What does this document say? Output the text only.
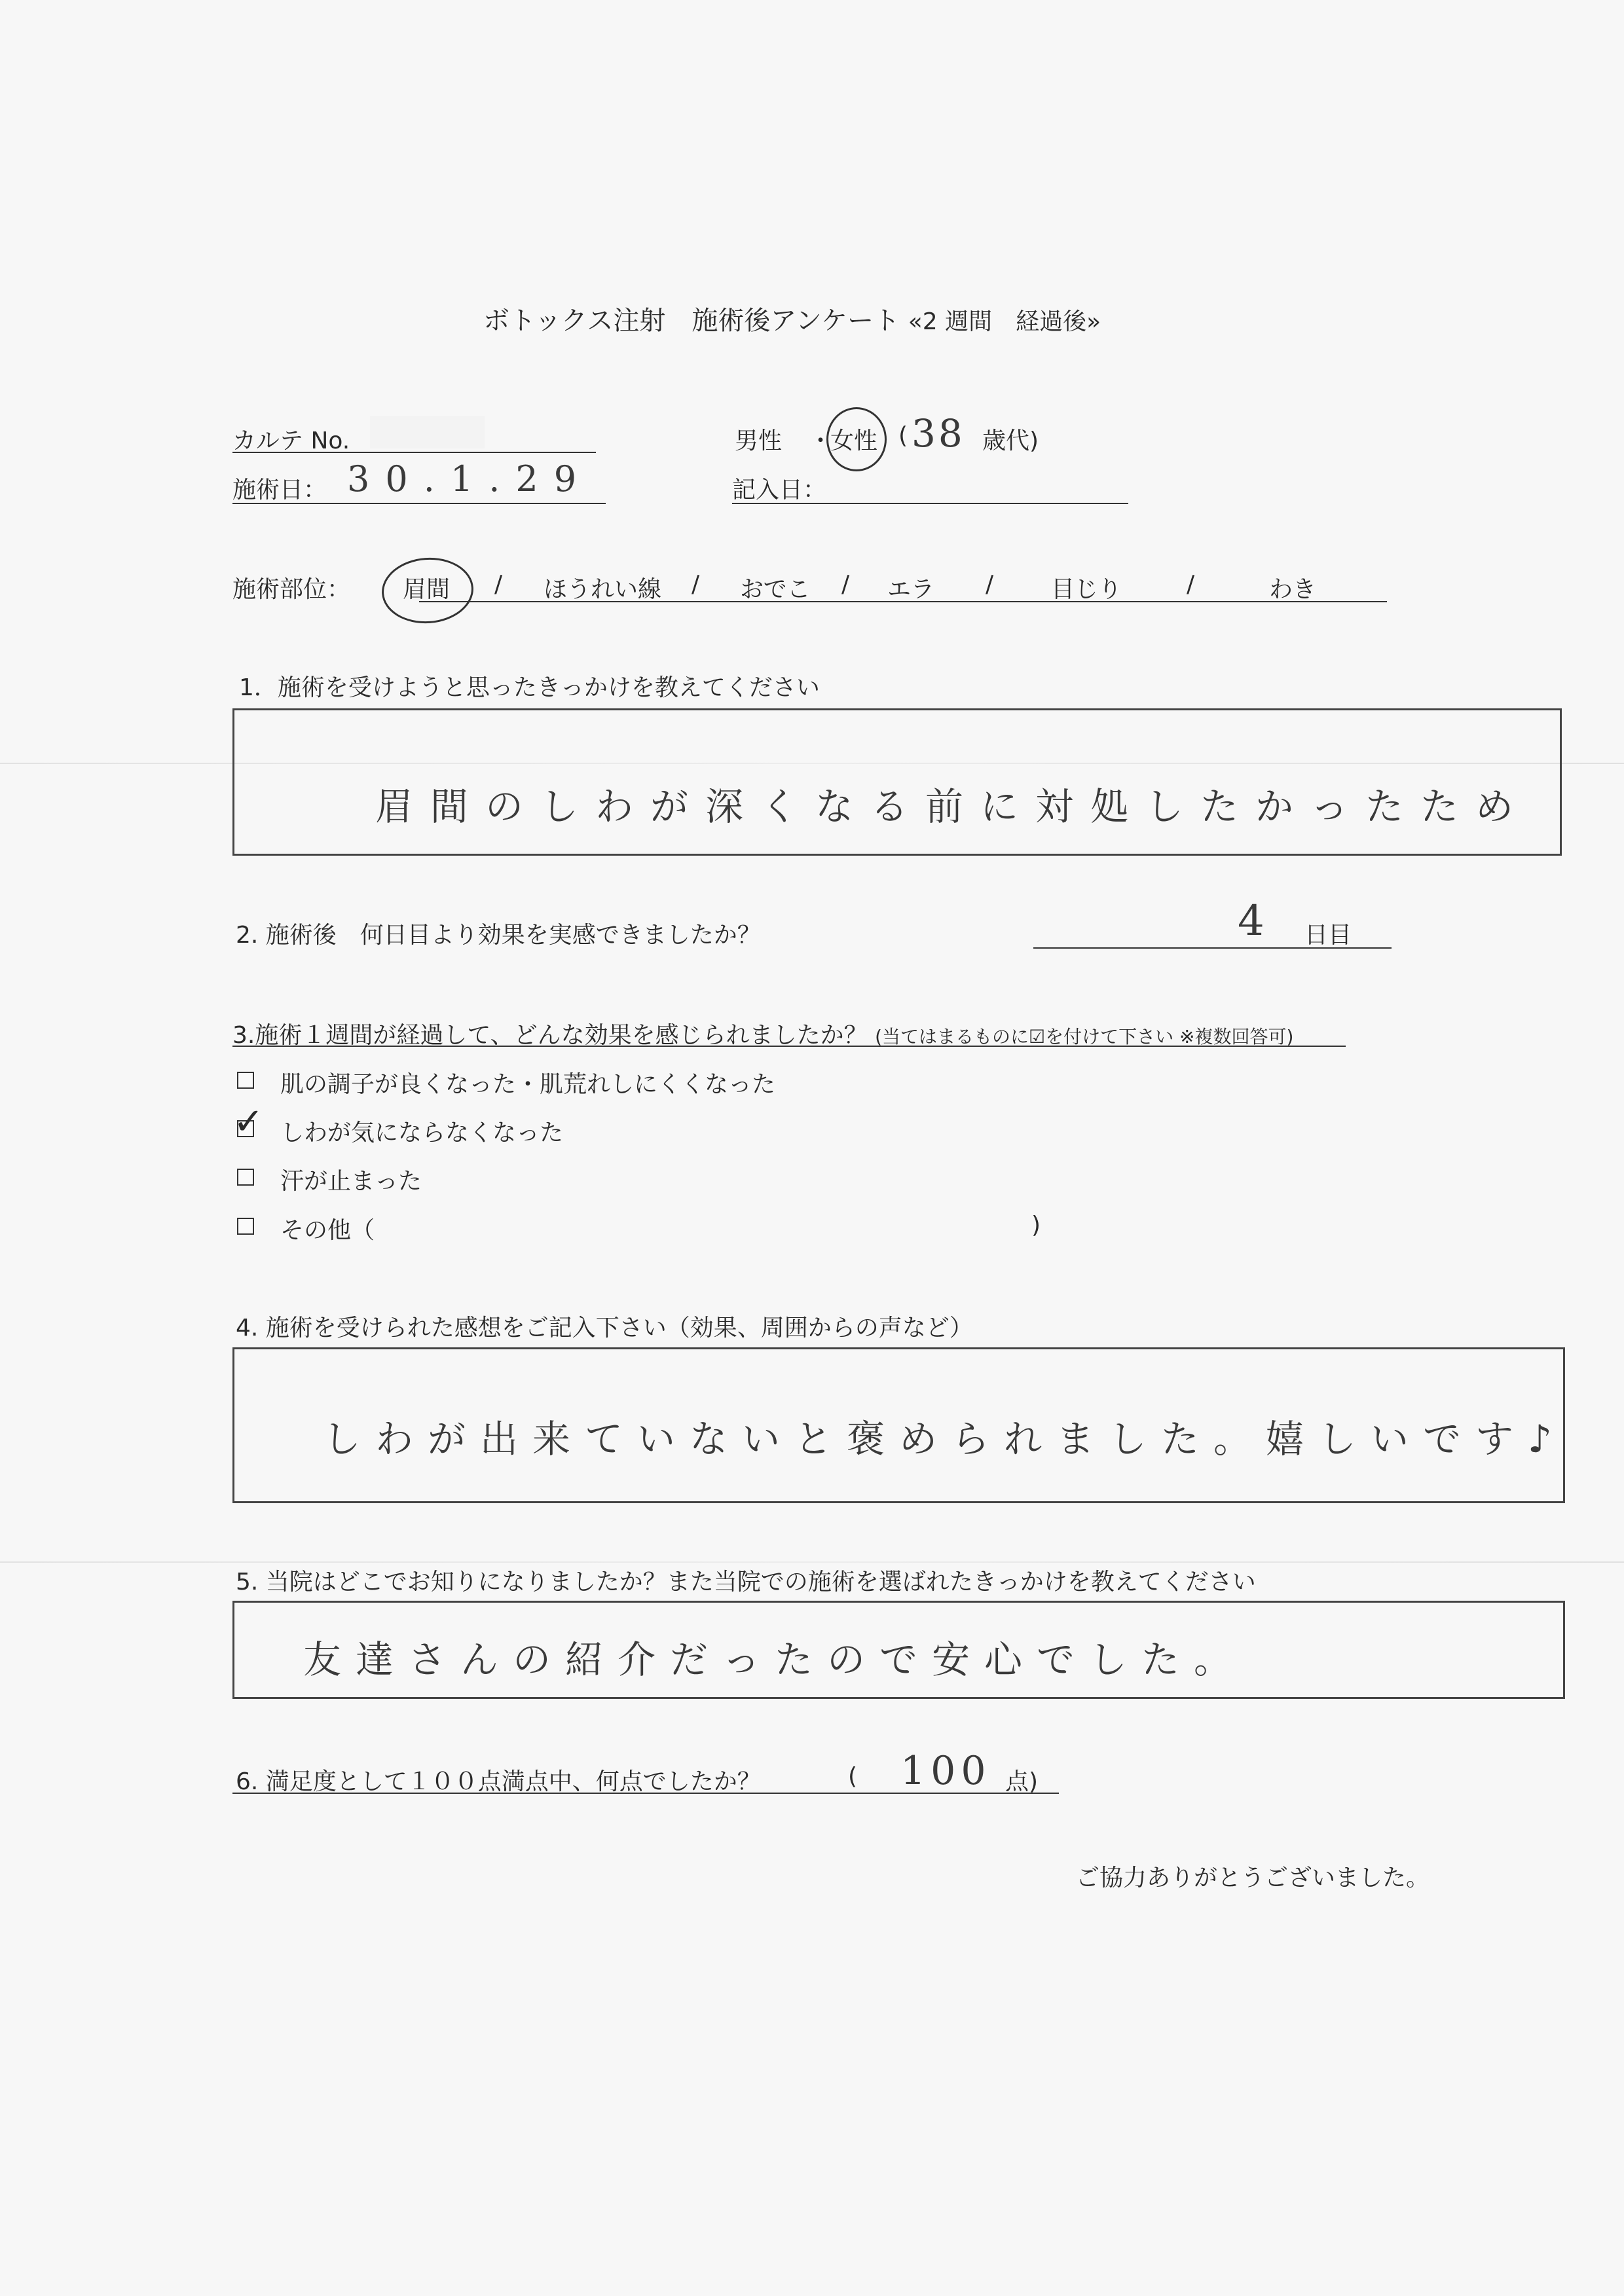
ボトックス注射　施術後アンケート «2 週間　経過後»
カルテ No.	男性 ・
女性 ( 38 歳代)
施術日： 30.1.29	記入日：
施術部位： 眉間 / ほうれい線 / おでこ / エラ / 目じり	/	わき
1．施術を受けようと思ったきっかけを教えてください
眉間のしわが深くなる前に対処したかったため
2. 施術後　何日目より効果を実感できましたか？	4 日目
3.施術１週間が経過して、どんな効果を感じられましたか？ (当てはまるものに☑を付けて下さい ※複数回答可)
肌の調子が良くなった・肌荒れしにくくなった
✓ しわが気にならなくなった
汗が止まった
その他（	)
4. 施術を受けられた感想をご記入下さい（効果、周囲からの声など）
しわが出来ていないと褒められました。嬉しいです♪
5. 当院はどこでお知りになりましたか？また当院での施術を選ばれたきっかけを教えてください
友達さんの紹介だったので安心でした。
6. 満足度として１００点満点中、何点でしたか？	( 100 点)
ご協力ありがとうございました。
